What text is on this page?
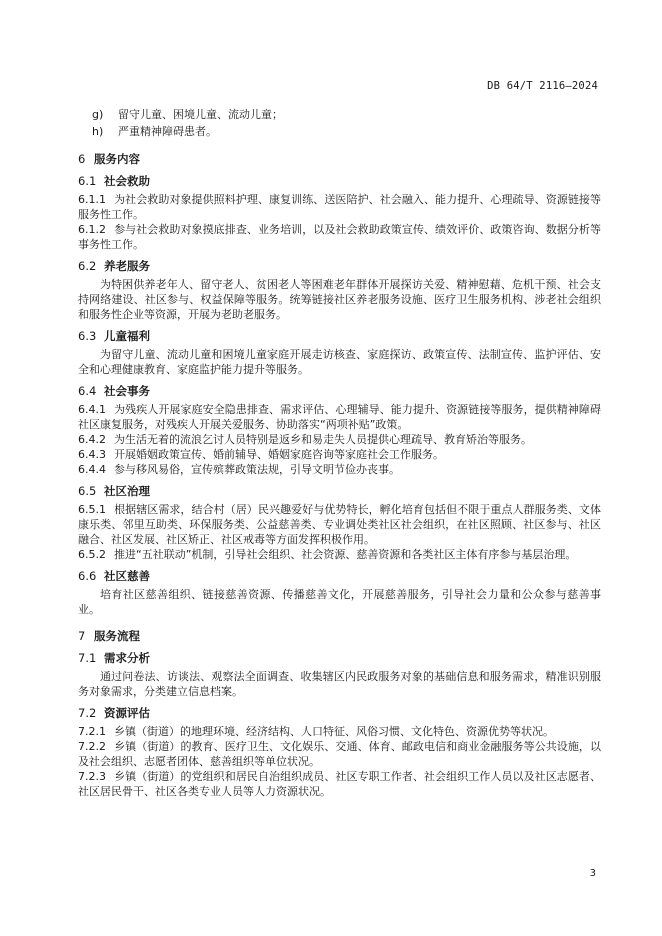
DB 64/T 2116—2024
g)	留守儿童、困境儿童、流动儿童；
h)	严重精神障碍患者。
6 服务内容
6.1 社会救助
6.1.1 为社会救助对象提供照料护理、康复训练、送医陪护、社会融入、能力提升、心理疏导、资源链接等服务性工作。
6.1.2 参与社会救助对象摸底排查、业务培训，以及社会救助政策宣传、绩效评价、政策咨询、数据分析等事务性工作。
6.2 养老服务
为特困供养老年人、留守老人、贫困老人等困难老年群体开展探访关爱、精神慰藉、危机干预、社会支持网络建设、社区参与、权益保障等服务。统筹链接社区养老服务设施、医疗卫生服务机构、涉老社会组织和服务性企业等资源，开展为老助老服务。
6.3 儿童福利
为留守儿童、流动儿童和困境儿童家庭开展走访核查、家庭探访、政策宣传、法制宣传、监护评估、安全和心理健康教育、家庭监护能力提升等服务。
6.4 社会事务
6.4.1 为残疾人开展家庭安全隐患排查、需求评估、心理辅导、能力提升、资源链接等服务，提供精神障碍社区康复服务，对残疾人开展关爱服务、协助落实“两项补贴”政策。
6.4.2 为生活无着的流浪乞讨人员特别是返乡和易走失人员提供心理疏导、教育矫治等服务。
6.4.3 开展婚姻政策宣传、婚前辅导、婚姻家庭咨询等家庭社会工作服务。
6.4.4 参与移风易俗，宣传殡葬政策法规，引导文明节俭办丧事。
6.5 社区治理
6.5.1 根据辖区需求，结合村（居）民兴趣爱好与优势特长，孵化培育包括但不限于重点人群服务类、文体康乐类、邻里互助类、环保服务类、公益慈善类、专业调处类社区社会组织，在社区照顾、社区参与、社区融合、社区发展、社区矫正、社区戒毒等方面发挥积极作用。
6.5.2 推进“五社联动”机制，引导社会组织、社会资源、慈善资源和各类社区主体有序参与基层治理。
6.6 社区慈善
培育社区慈善组织、链接慈善资源、传播慈善文化，开展慈善服务，引导社会力量和公众参与慈善事业。
7 服务流程
7.1 需求分析
通过问卷法、访谈法、观察法全面调查、收集辖区内民政服务对象的基础信息和服务需求，精准识别服务对象需求，分类建立信息档案。
7.2 资源评估
7.2.1 乡镇（街道）的地理环境、经济结构、人口特征、风俗习惯、文化特色、资源优势等状况。
7.2.2 乡镇（街道）的教育、医疗卫生、文化娱乐、交通、体育、邮政电信和商业金融服务等公共设施，以及社会组织、志愿者团体、慈善组织等单位状况。
7.2.3 乡镇（街道）的党组织和居民自治组织成员、社区专职工作者、社会组织工作人员以及社区志愿者、社区居民骨干、社区各类专业人员等人力资源状况。
3
